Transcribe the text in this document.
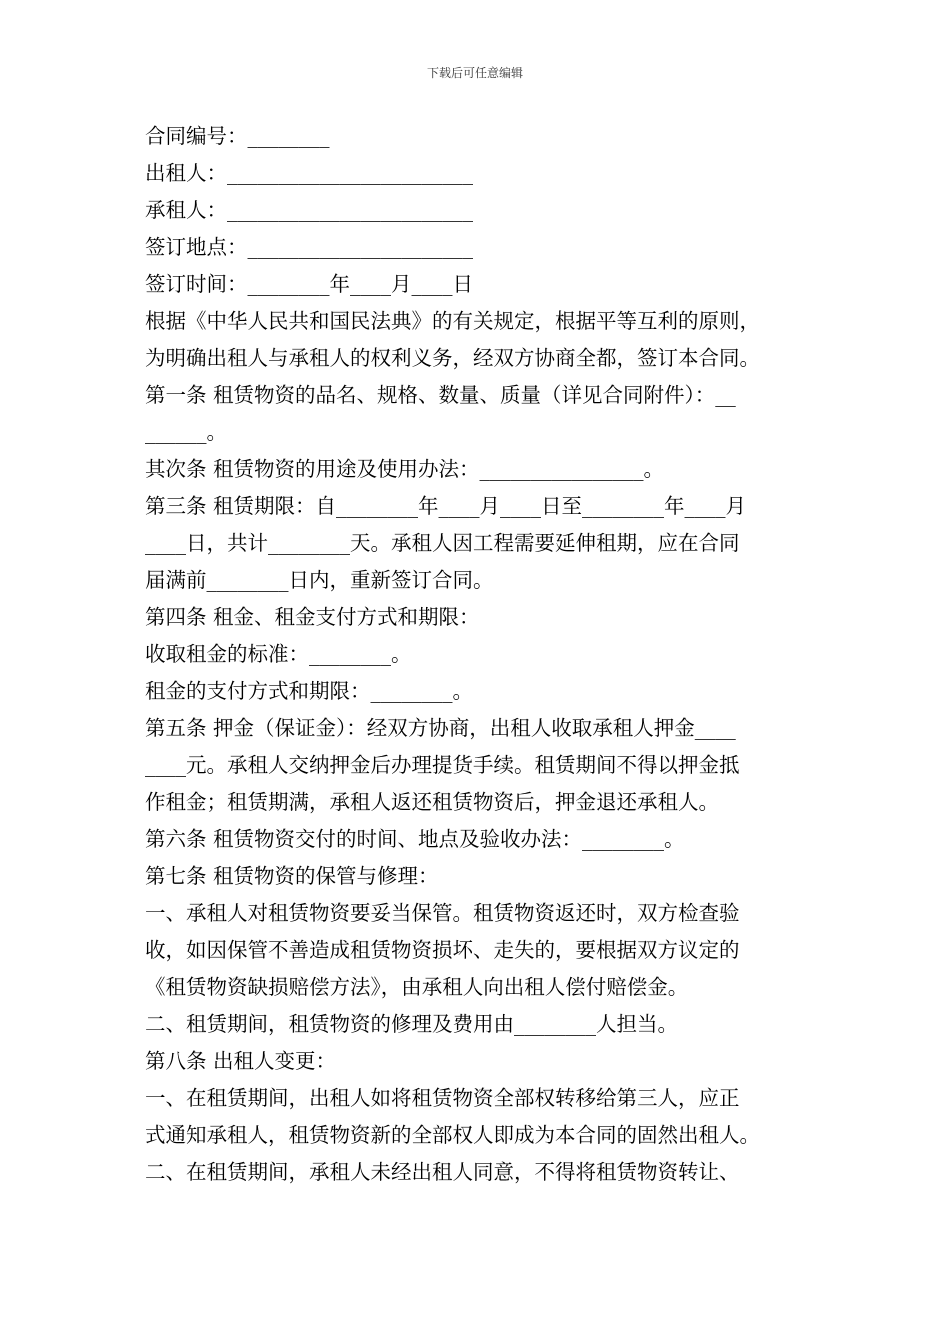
下载后可任意编辑
合同编号：________
出租人：________________________
承租人：________________________
签订地点：______________________
签订时间：________年____月____日
根据《中华人民共和国民法典》的有关规定，根据平等互利的原则，
为明确出租人与承租人的权利义务，经双方协商全都，签订本合同。
第一条 租赁物资的品名、规格、数量、质量（详见合同附件）：__
______。
其次条 租赁物资的用途及使用办法：________________。
第三条 租赁期限：自________年____月____日至________年____月
____日，共计________天。承租人因工程需要延伸租期，应在合同
届满前________日内，重新签订合同。
第四条 租金、租金支付方式和期限：
收取租金的标准：________。
租金的支付方式和期限：________。
第五条 押金（保证金）：经双方协商，出租人收取承租人押金____
____元。承租人交纳押金后办理提货手续。租赁期间不得以押金抵
作租金；租赁期满，承租人返还租赁物资后，押金退还承租人。
第六条 租赁物资交付的时间、地点及验收办法：________。
第七条 租赁物资的保管与修理：
一、承租人对租赁物资要妥当保管。租赁物资返还时，双方检查验
收，如因保管不善造成租赁物资损坏、走失的，要根据双方议定的
《租赁物资缺损赔偿方法》，由承租人向出租人偿付赔偿金。
二、租赁期间，租赁物资的修理及费用由________人担当。
第八条 出租人变更：
一、在租赁期间，出租人如将租赁物资全部权转移给第三人，应正
式通知承租人，租赁物资新的全部权人即成为本合同的固然出租人。
二、在租赁期间，承租人未经出租人同意，不得将租赁物资转让、
